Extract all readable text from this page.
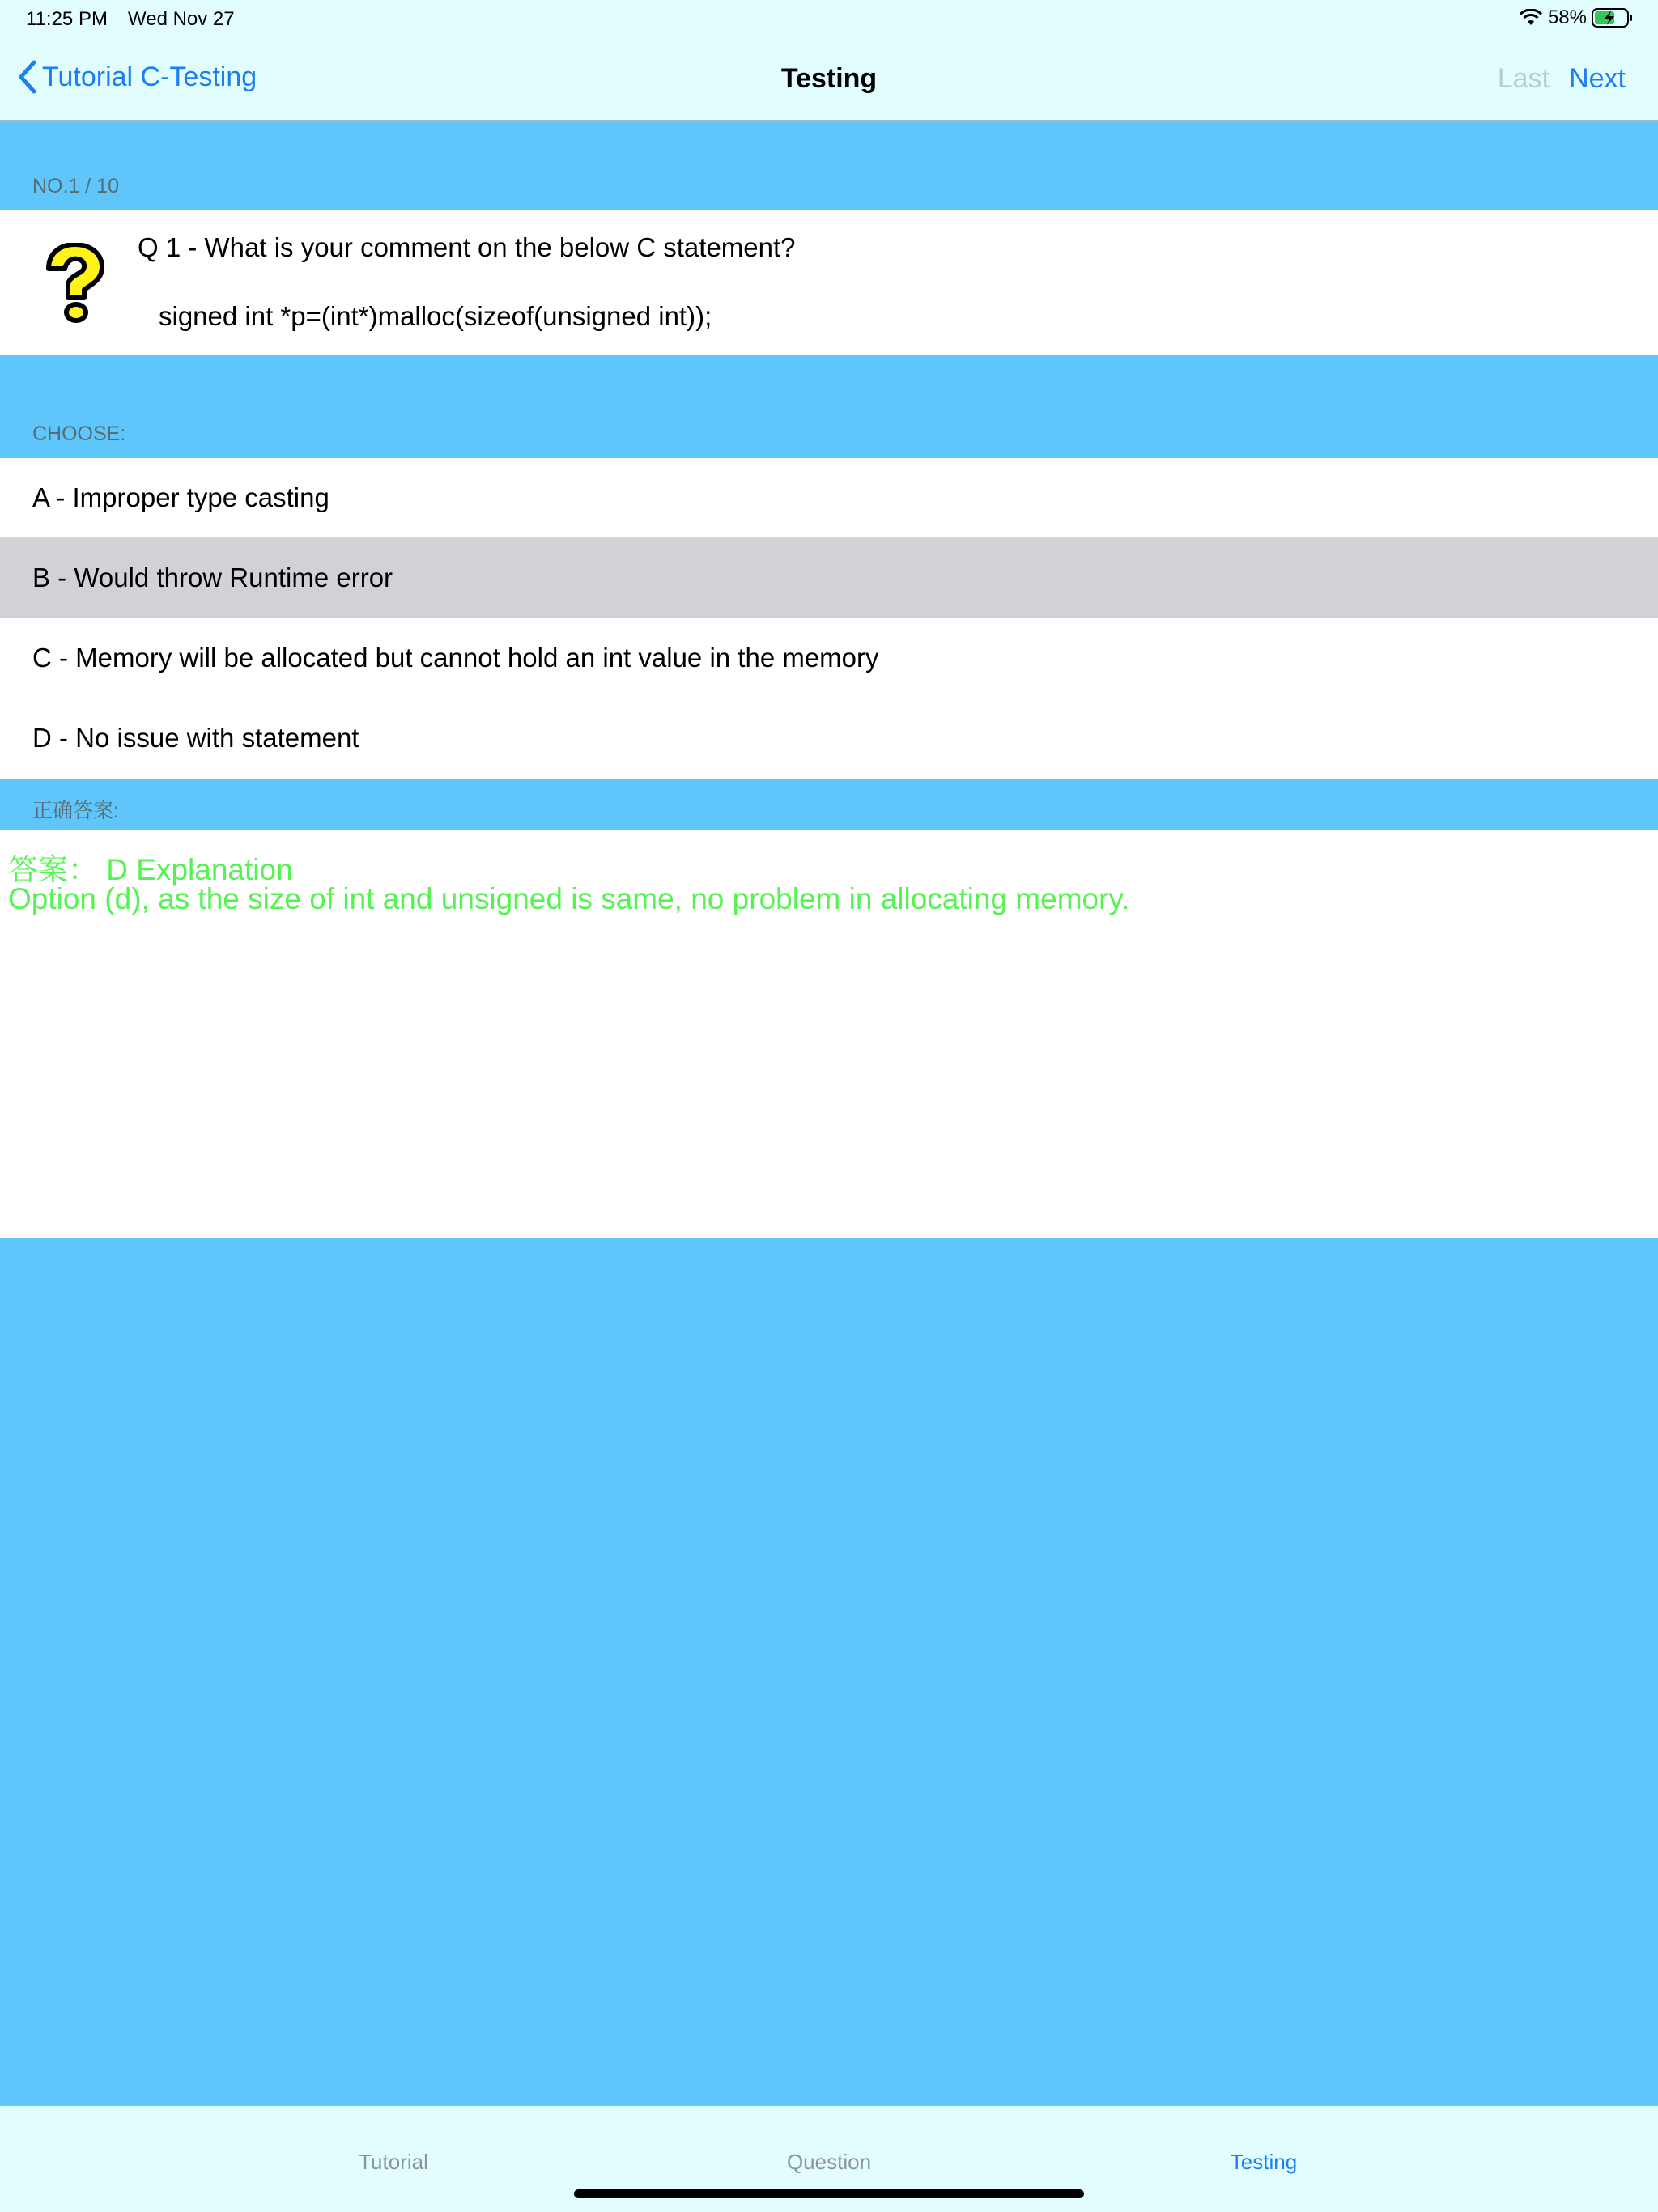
11:25 PM Wed Nov 27	58%
Tutorial C-Testing	Testing	Last Next
NO.1 / 10
Q 1 - What is your comment on the below C statement?
signed int *p=(int*)malloc(sizeof(unsigned int));
CHOOSE:
A - Improper type casting
B - Would throw Runtime error
C - Memory will be allocated but cannot hold an int value in the memory
D - No issue with statement
正确答案:
答案： D Explanation
Option (d), as the size of int and unsigned is same, no problem in allocating memory.
Tutorial	Question	Testing
